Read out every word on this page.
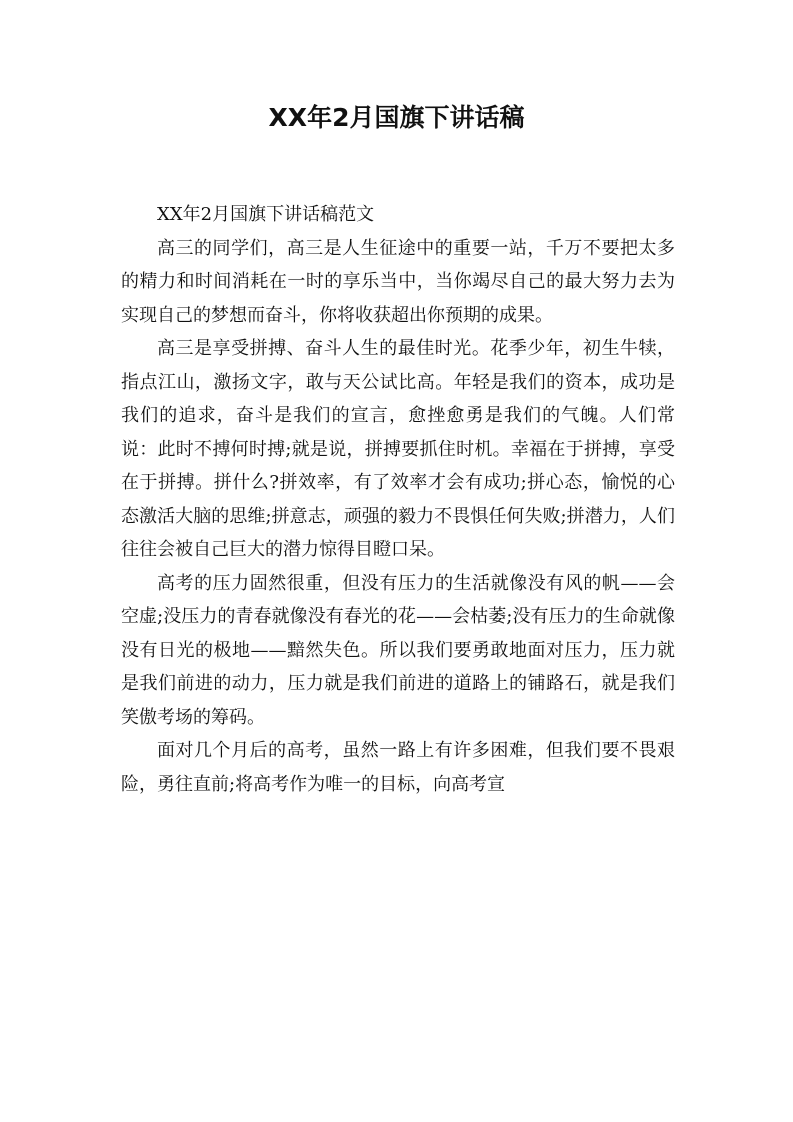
XX年2月国旗下讲话稿

XX年2月国旗下讲话稿范文

高三的同学们，高三是人生征途中的重要一站，千万不要把太多的精力和时间消耗在一时的享乐当中，当你竭尽自己的最大努力去为实现自己的梦想而奋斗，你将收获超出你预期的成果。

高三是享受拼搏、奋斗人生的最佳时光。花季少年，初生牛犊，指点江山，激扬文字，敢与天公试比高。年轻是我们的资本，成功是我们的追求，奋斗是我们的宣言，愈挫愈勇是我们的气魄。人们常说：此时不搏何时搏;就是说，拼搏要抓住时机。幸福在于拼搏，享受在于拼搏。拼什么?拼效率，有了效率才会有成功;拼心态，愉悦的心态激活大脑的思维;拼意志，顽强的毅力不畏惧任何失败;拼潜力，人们往往会被自己巨大的潜力惊得目瞪口呆。

高考的压力固然很重，但没有压力的生活就像没有风的帆——会空虚;没压力的青春就像没有春光的花——会枯萎;没有压力的生命就像没有日光的极地——黯然失色。所以我们要勇敢地面对压力，压力就是我们前进的动力，压力就是我们前进的道路上的铺路石，就是我们笑傲考场的筹码。

面对几个月后的高考，虽然一路上有许多困难，但我们要不畏艰险，勇往直前;将高考作为唯一的目标，向高考宣
